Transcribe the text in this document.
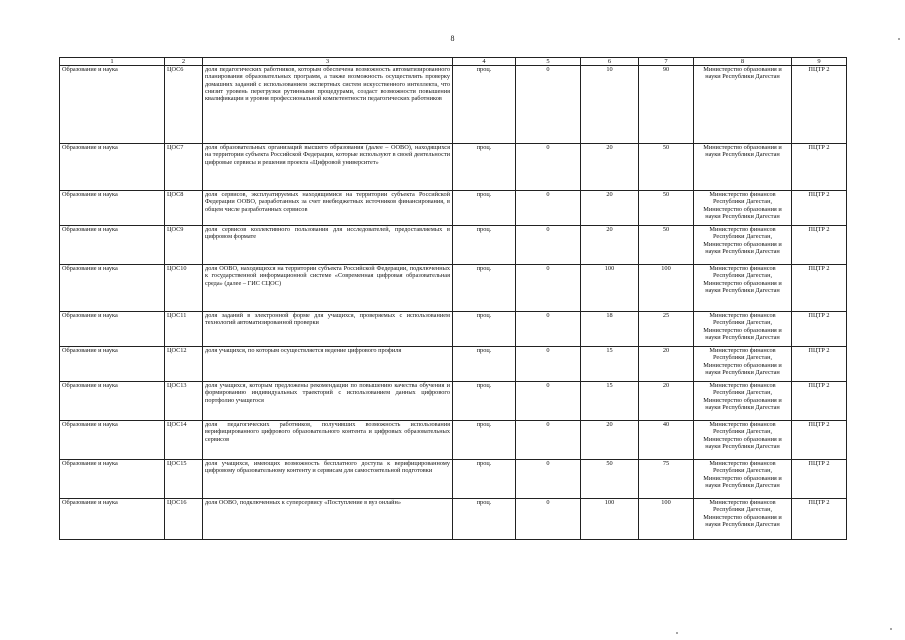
8
1	2	3	4	5	6	7	8	9
Образование и наука	ЦОС6	доля педагогических работников, которым обеспечена возможность автоматизированного планирования образовательных программ, а также возможность осуществлять проверку домашних заданий с использованием экспертных систем искусственного интеллекта, что снизит уровень перегрузки рутинными процедурами, создаст возможности повышения квалификации и уровня профессиональной компетентности педагогических работников	проц.	0	10	90	Министерство образования и науки Республики Дагестан	ПЦТР 2
Образование и наука	ЦОС7	доля образовательных организаций высшего образования (далее – ООВО), находящихся на территории субъекта Российской Федерации, которые используют в своей деятельности цифровые сервисы и решения проекта «Цифровой университет»	проц.	0	20	50	Министерство образования и науки Республики Дагестан	ПЦТР 2
Образование и наука	ЦОС8	доля сервисов, эксплуатируемых находящимися на территории субъекта Российской Федерации ООВО, разработанных за счет внебюджетных источников финансирования, в общем числе разработанных сервисов	проц.	0	20	50	Министерство финансов Республики Дагестан, Министерство образования и науки Республики Дагестан	ПЦТР 2
Образование и наука	ЦОС9	доля сервисов коллективного пользования для исследователей, предоставляемых в цифровом формате	проц.	0	20	50	Министерство финансов Республики Дагестан, Министерство образования и науки Республики Дагестан	ПЦТР 2
Образование и наука	ЦОС10	доля ООВО, находящихся на территории субъекта Российской Федерации, подключенных к государственной информационной системе «Современная цифровая образовательная среда» (далее – ГИС СЦОС)	проц.	0	100	100	Министерство финансов Республики Дагестан, Министерство образования и науки Республики Дагестан	ПЦТР 2
Образование и наука	ЦОС11	доля заданий в электронной форме для учащихся, проверяемых с использованием технологий автоматизированной проверки	проц.	0	18	25	Министерство финансов Республики Дагестан, Министерство образования и науки Республики Дагестан	ПЦТР 2
Образование и наука	ЦОС12	доля учащихся, по которым осуществляется ведение цифрового профиля	проц.	0	15	20	Министерство финансов Республики Дагестан, Министерство образования и науки Республики Дагестан	ПЦТР 2
Образование и наука	ЦОС13	доля учащихся, которым предложены рекомендации по повышению качества обучения и формированию индивидуальных траекторий с использованием данных цифрового портфолио учащегося	проц.	0	15	20	Министерство финансов Республики Дагестан, Министерство образования и науки Республики Дагестан	ПЦТР 2
Образование и наука	ЦОС14	доля педагогических работников, получивших возможность использования верифицированного цифрового образовательного контента и цифровых образовательных сервисов	проц.	0	20	40	Министерство финансов Республики Дагестан, Министерство образования и науки Республики Дагестан	ПЦТР 2
Образование и наука	ЦОС15	доля учащихся, имеющих возможность бесплатного доступа к верифицированному цифровому образовательному контенту и сервисам для самостоятельной подготовки	проц.	0	50	75	Министерство финансов Республики Дагестан, Министерство образования и науки Республики Дагестан	ПЦТР 2
Образование и наука	ЦОС16	доля ООВО, подключенных к суперсервису «Поступление в вуз онлайн»	проц.	0	100	100	Министерство финансов Республики Дагестан, Министерство образования и науки Республики Дагестан	ПЦТР 2
